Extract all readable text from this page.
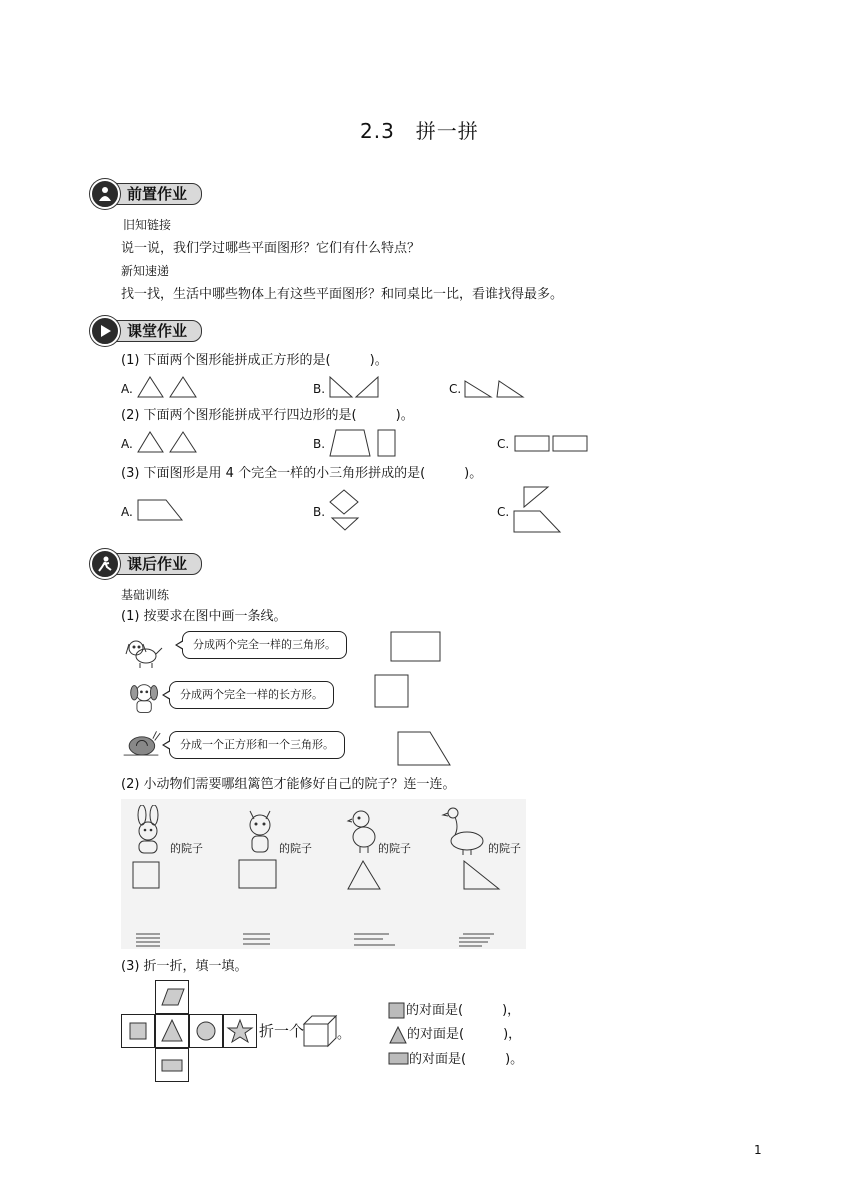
2.3　拼一拼
前置作业
旧知链接
说一说，我们学过哪些平面图形？它们有什么特点？
新知速递
找一找，生活中哪些物体上有这些平面图形？和同桌比一比，看谁找得最多。
课堂作业
(1) 下面两个图形能拼成正方形的是(　　　)。
A.	B.	C.
(2) 下面两个图形能拼成平行四边形的是(　　　)。
A.	B.	C.
(3) 下面图形是用 4 个完全一样的小三角形拼成的是(　　　)。
A.	B.	C.
课后作业
基础训练
(1) 按要求在图中画一条线。
分成两个完全一样的三角形。
分成两个完全一样的长方形。
分成一个正方形和一个三角形。
(2) 小动物们需要哪组篱笆才能修好自己的院子？连一连。
的院子	的院子	的院子	的院子
(3) 折一折，填一填。
折一个	。
的对面是(　　　)，
的对面是(　　　)，
的对面是(　　　)。
1
